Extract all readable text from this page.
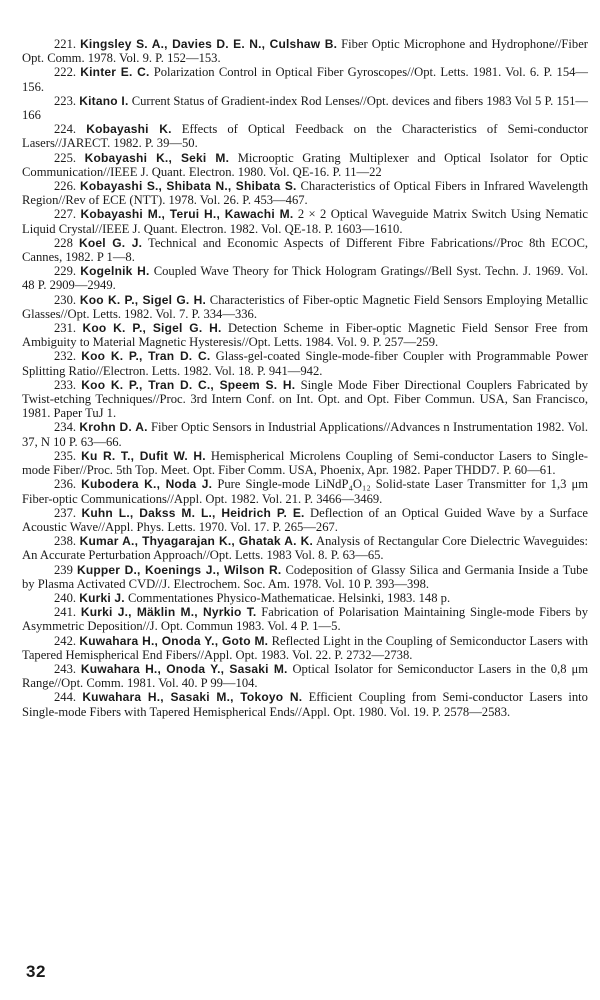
221. Kingsley S. A., Davies D. E. N., Culshaw B. Fiber Optic Microphone and Hydrophone//Fiber Opt. Comm. 1978. Vol. 9. P. 152—153.

222. Kinter E. C. Polarization Control in Optical Fiber Gyroscopes//Opt. Letts. 1981. Vol. 6. P. 154—156.

223. Kitano I. Current Status of Gradient-index Rod Lenses//Opt. devices and fibers 1983 Vol 5 P. 151—166

224. Kobayashi K. Effects of Optical Feedback on the Characteristics of Semi-conductor Lasers//JARECT. 1982. P. 39—50.

225. Kobayashi K., Seki M. Microoptic Grating Multiplexer and Optical Isolator for Optic Communication//IEEE J. Quant. Electron. 1980. Vol. QE-16. P. 11—22

226. Kobayashi S., Shibata N., Shibata S. Characteristics of Optical Fibers in Infrared Wavelength Region//Rev of ECE (NTT). 1978. Vol. 26. P. 453—467.

227. Kobayashi M., Terui H., Kawachi M. 2 × 2 Optical Waveguide Matrix Switch Using Nematic Liquid Crystal//IEEE J. Quant. Electron. 1982. Vol. QE-18. P. 1603—1610.

228 Koel G. J. Technical and Economic Aspects of Different Fibre Fabrications//Proc 8th ECOC, Cannes, 1982. P 1—8.

229. Kogelnik H. Coupled Wave Theory for Thick Hologram Gratings//Bell Syst. Techn. J. 1969. Vol. 48 P. 2909—2949.

230. Koo K. P., Sigel G. H. Characteristics of Fiber-optic Magnetic Field Sensors Employing Metallic Glasses//Opt. Letts. 1982. Vol. 7. P. 334—336.

231. Koo K. P., Sigel G. H. Detection Scheme in Fiber-optic Magnetic Field Sensor Free from Ambiguity to Material Magnetic Hysteresis//Opt. Letts. 1984. Vol. 9. P. 257—259.

232. Koo K. P., Tran D. C. Glass-gel-coated Single-mode-fiber Coupler with Programmable Power Splitting Ratio//Electron. Letts. 1982. Vol. 18. P. 941—942.

233. Koo K. P., Tran D. C., Speem S. H. Single Mode Fiber Directional Couplers Fabricated by Twist-etching Techniques//Proc. 3rd Intern Conf. on Int. Opt. and Opt. Fiber Commun. USA, San Francisco, 1981. Paper TuJ 1.

234. Krohn D. A. Fiber Optic Sensors in Industrial Applications//Advances n Instrumentation 1982. Vol. 37, N 10 P. 63—66.

235. Ku R. T., Dufit W. H. Hemispherical Microlens Coupling of Semi-conductor Lasers to Single-mode Fiber//Proc. 5th Top. Meet. Opt. Fiber Comm. USA, Phoenix, Apr. 1982. Paper THDD7. P. 60—61.

236. Kubodera K., Noda J. Pure Single-mode LiNdP₄O₁₂ Solid-state Laser Transmitter for 1,3 μm Fiber-optic Communications//Appl. Opt. 1982. Vol. 21. P. 3466—3469.

237. Kuhn L., Dakss M. L., Heidrich P. E. Deflection of an Optical Guided Wave by a Surface Acoustic Wave//Appl. Phys. Letts. 1970. Vol. 17. P. 265—267.

238. Kumar A., Thyagarajan K., Ghatak A. K. Analysis of Rectangular Core Dielectric Waveguides: An Accurate Perturbation Approach//Opt. Letts. 1983 Vol. 8. P. 63—65.

239 Kupper D., Koenings J., Wilson R. Codeposition of Glassy Silica and Germania Inside a Tube by Plasma Activated CVD//J. Electrochem. Soc. Am. 1978. Vol. 10 P. 393—398.

240. Kurki J. Commentationes Physico-Mathematicae. Helsinki, 1983. 148 p.

241. Kurki J., Mäklin M., Nyrkio T. Fabrication of Polarisation Maintaining Single-mode Fibers by Asymmetric Deposition//J. Opt. Commun 1983. Vol. 4 P. 1—5.

242. Kuwahara H., Onoda Y., Goto M. Reflected Light in the Coupling of Semiconductor Lasers with Tapered Hemispherical End Fibers//Appl. Opt. 1983. Vol. 22. P. 2732—2738.

243. Kuwahara H., Onoda Y., Sasaki M. Optical Isolator for Semiconductor Lasers in the 0,8 μm Range//Opt. Comm. 1981. Vol. 40. P 99—104.

244. Kuwahara H., Sasaki M., Tokoyo N. Efficient Coupling from Semi-conductor Lasers into Single-mode Fibers with Tapered Hemispherical Ends//Appl. Opt. 1980. Vol. 19. P. 2578—2583.

32
